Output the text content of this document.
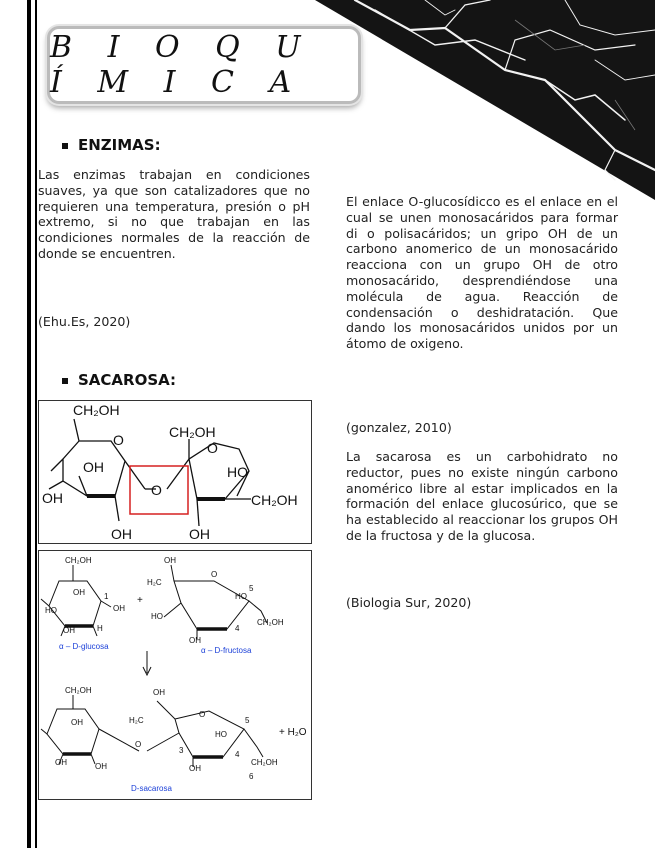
B I O Q U Í M I C A
ENZIMAS:
Las enzimas trabajan en condiciones suaves, ya que son catalizadores que no requieren una temperatura, presión o pH extremo, si no que trabajan en las condiciones normales de la reacción de donde se encuentren.
(Ehu.Es, 2020)
SACAROSA:
CH₂OH
CH₂OH
O	O
OH	HO
OH	CH₂OH
O
OH	OH
CH₂OH
OH
HO
OH	H
OH
1
OH
H₂C
O
HO
HO
OH
CH₂OH
5
4
CH₂OH
OH
OH	OH
H₂C
OH
O
HO
O
OH
CH₂OH
5
4
3
6
+
+ H₂O
α – D-glucosa	α – D-fructosa
D-sacarosa
El enlace O-glucosídicco es el enlace en el cual se unen monosacáridos para formar di o polisacáridos; un gripo OH de un carbono anomerico de un monosacárido reacciona con un grupo OH de otro monosacárido, desprendiéndose una molécula de agua. Reacción de condensación o deshidratación. Que dando los monosacáridos unidos por un átomo de oxigeno.
(gonzalez, 2010)
La sacarosa es un carbohidrato no reductor, pues no existe ningún carbono anomérico libre al estar implicados en la formación del enlace glucosúrico, que se ha establecido al reaccionar los grupos OH de la fructosa y de la glucosa.
(Biologia Sur, 2020)
